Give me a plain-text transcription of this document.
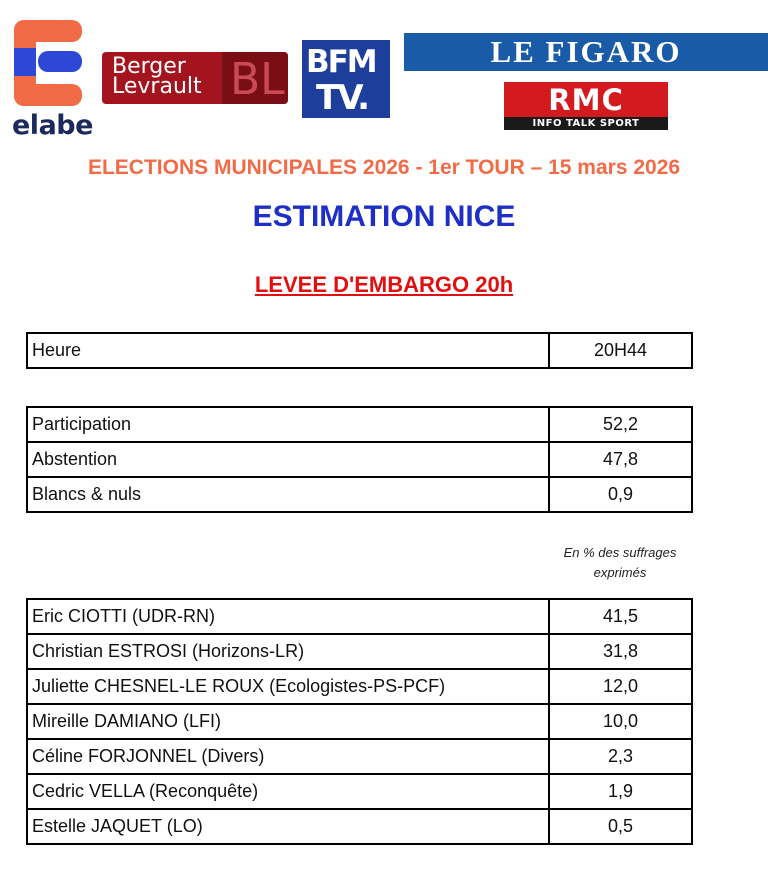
elabe
BL
Berger
Levrault
BFM
TV.
LE FIGARO
RMC
INFO TALK SPORT
ELECTIONS MUNICIPALES 2026 - 1er TOUR – 15 mars 2026
ESTIMATION NICE
LEVEE D'EMBARGO 20h
Heure	20H44
Participation	52,2
Abstention	47,8
Blancs & nuls	0,9
En % des suffrages exprimés
Eric CIOTTI (UDR-RN)	41,5
Christian ESTROSI (Horizons-LR)	31,8
Juliette CHESNEL-LE ROUX (Ecologistes-PS-PCF)	12,0
Mireille DAMIANO (LFI)	10,0
Céline FORJONNEL (Divers)	2,3
Cedric VELLA (Reconquête)	1,9
Estelle JAQUET (LO)	0,5
